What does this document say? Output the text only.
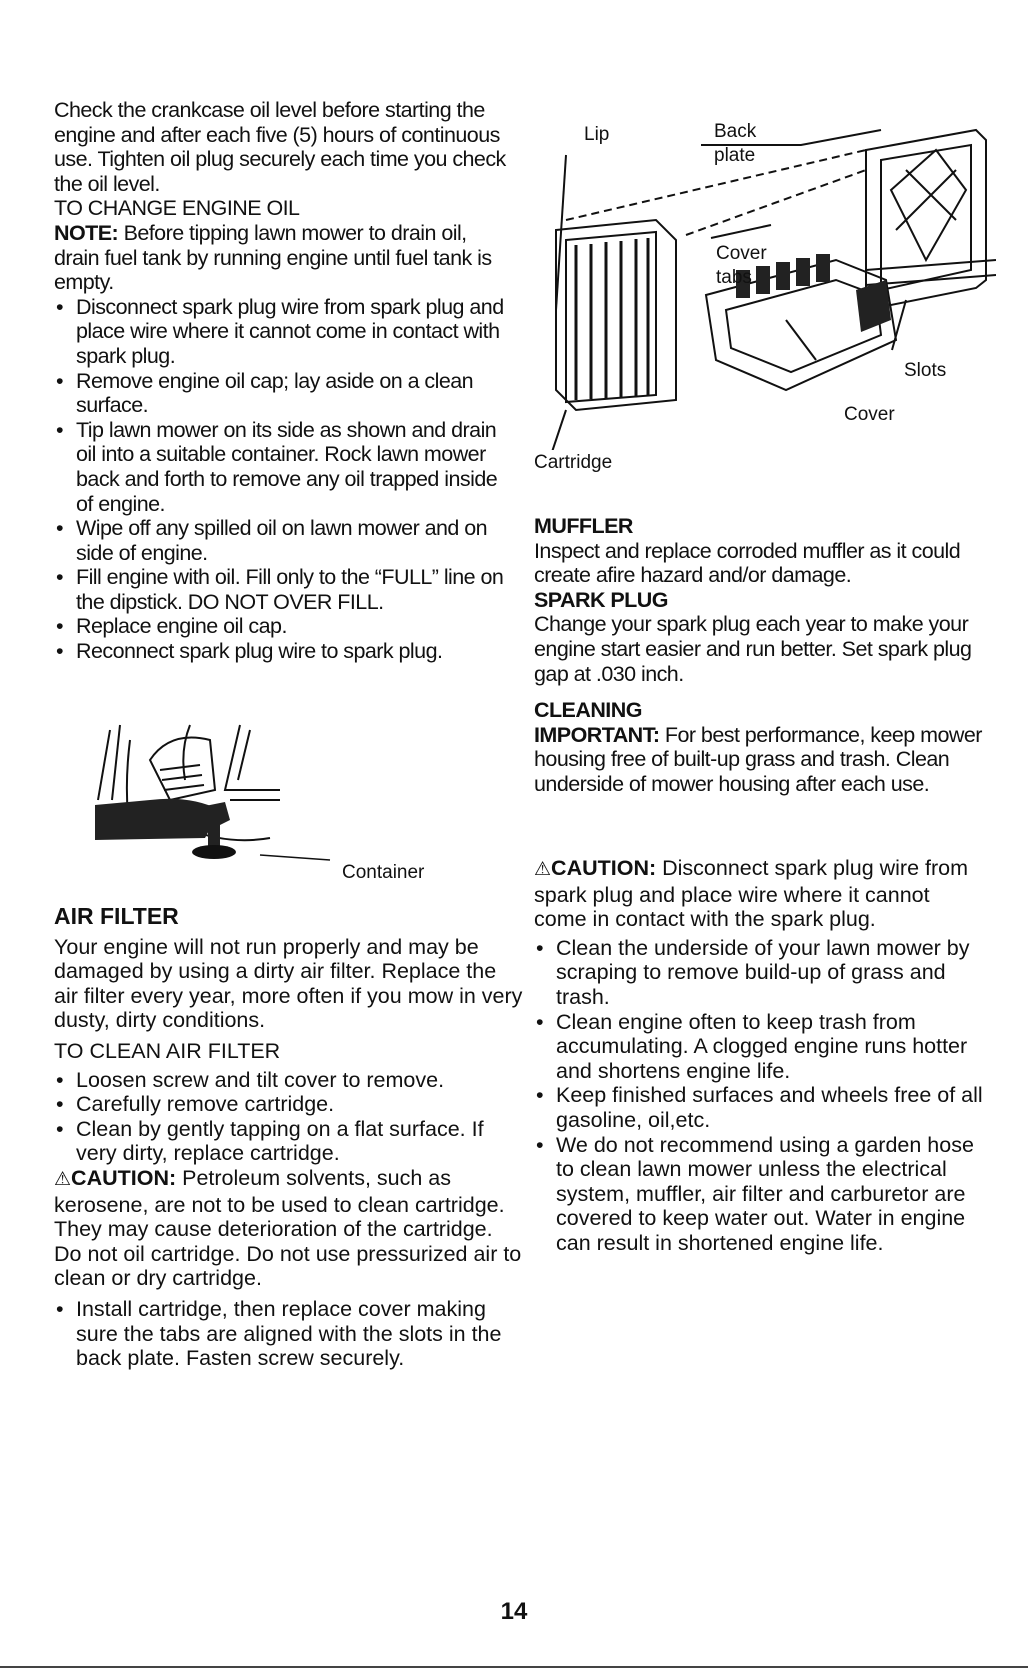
Check the crankcase oil level before starting the engine and after each five (5) hours of continuous use. Tighten oil plug securely each time you check the oil level.

TO CHANGE ENGINE OIL

NOTE: Before tipping lawn mower to drain oil, drain fuel tank by running engine until fuel tank is empty.

• Disconnect spark plug wire from spark plug and place wire where it cannot come in contact with spark plug.
• Remove engine oil cap; lay aside on a clean surface.
• Tip lawn mower on its side as shown and drain oil into a suitable container. Rock lawn mower back and forth to remove any oil trapped inside of engine.
• Wipe off any spilled oil on lawn mower and on side of engine.
• Fill engine with oil. Fill only to the “FULL” line on the dipstick. DO NOT OVER FILL.
• Replace engine oil cap.
• Reconnect spark plug wire to spark plug.
Container

AIR FILTER

Your engine will not run properly and may be damaged by using a dirty air filter. Replace the air filter every year, more often if you mow in very dusty, dirty conditions.

TO CLEAN AIR FILTER

• Loosen screw and tilt cover to remove.
• Carefully remove cartridge.
• Clean by gently tapping on a flat surface. If very dirty, replace cartridge.

⚠CAUTION: Petroleum solvents, such as kerosene, are not to be used to clean cartridge. They may cause deterioration of the cartridge. Do not oil cartridge. Do not use pressurized air to clean or dry cartridge.

• Install cartridge, then replace cover making sure the tabs are aligned with the slots in the back plate. Fasten screw securely.
Lip	Back plate
Cover tabs
Slots
Cover
Cartridge

MUFFLER

Inspect and replace corroded muffler as it could create afire hazard and/or damage.

SPARK PLUG

Change your spark plug each year to make your engine start easier and run better. Set spark plug gap at .030 inch.

CLEANING

IMPORTANT: For best performance, keep mower housing free of built-up grass and trash. Clean underside of mower housing after each use.

⚠CAUTION: Disconnect spark plug wire from spark plug and place wire where it cannot come in contact with the spark plug.

• Clean the underside of your lawn mower by scraping to remove build-up of grass and trash.
• Clean engine often to keep trash from accumulating. A clogged engine runs hotter and shortens engine life.
• Keep finished surfaces and wheels free of all gasoline, oil,etc.
• We do not recommend using a garden hose to clean lawn mower unless the electrical system, muffler, air filter and carburetor are covered to keep water out. Water in engine can result in shortened engine life.
14
